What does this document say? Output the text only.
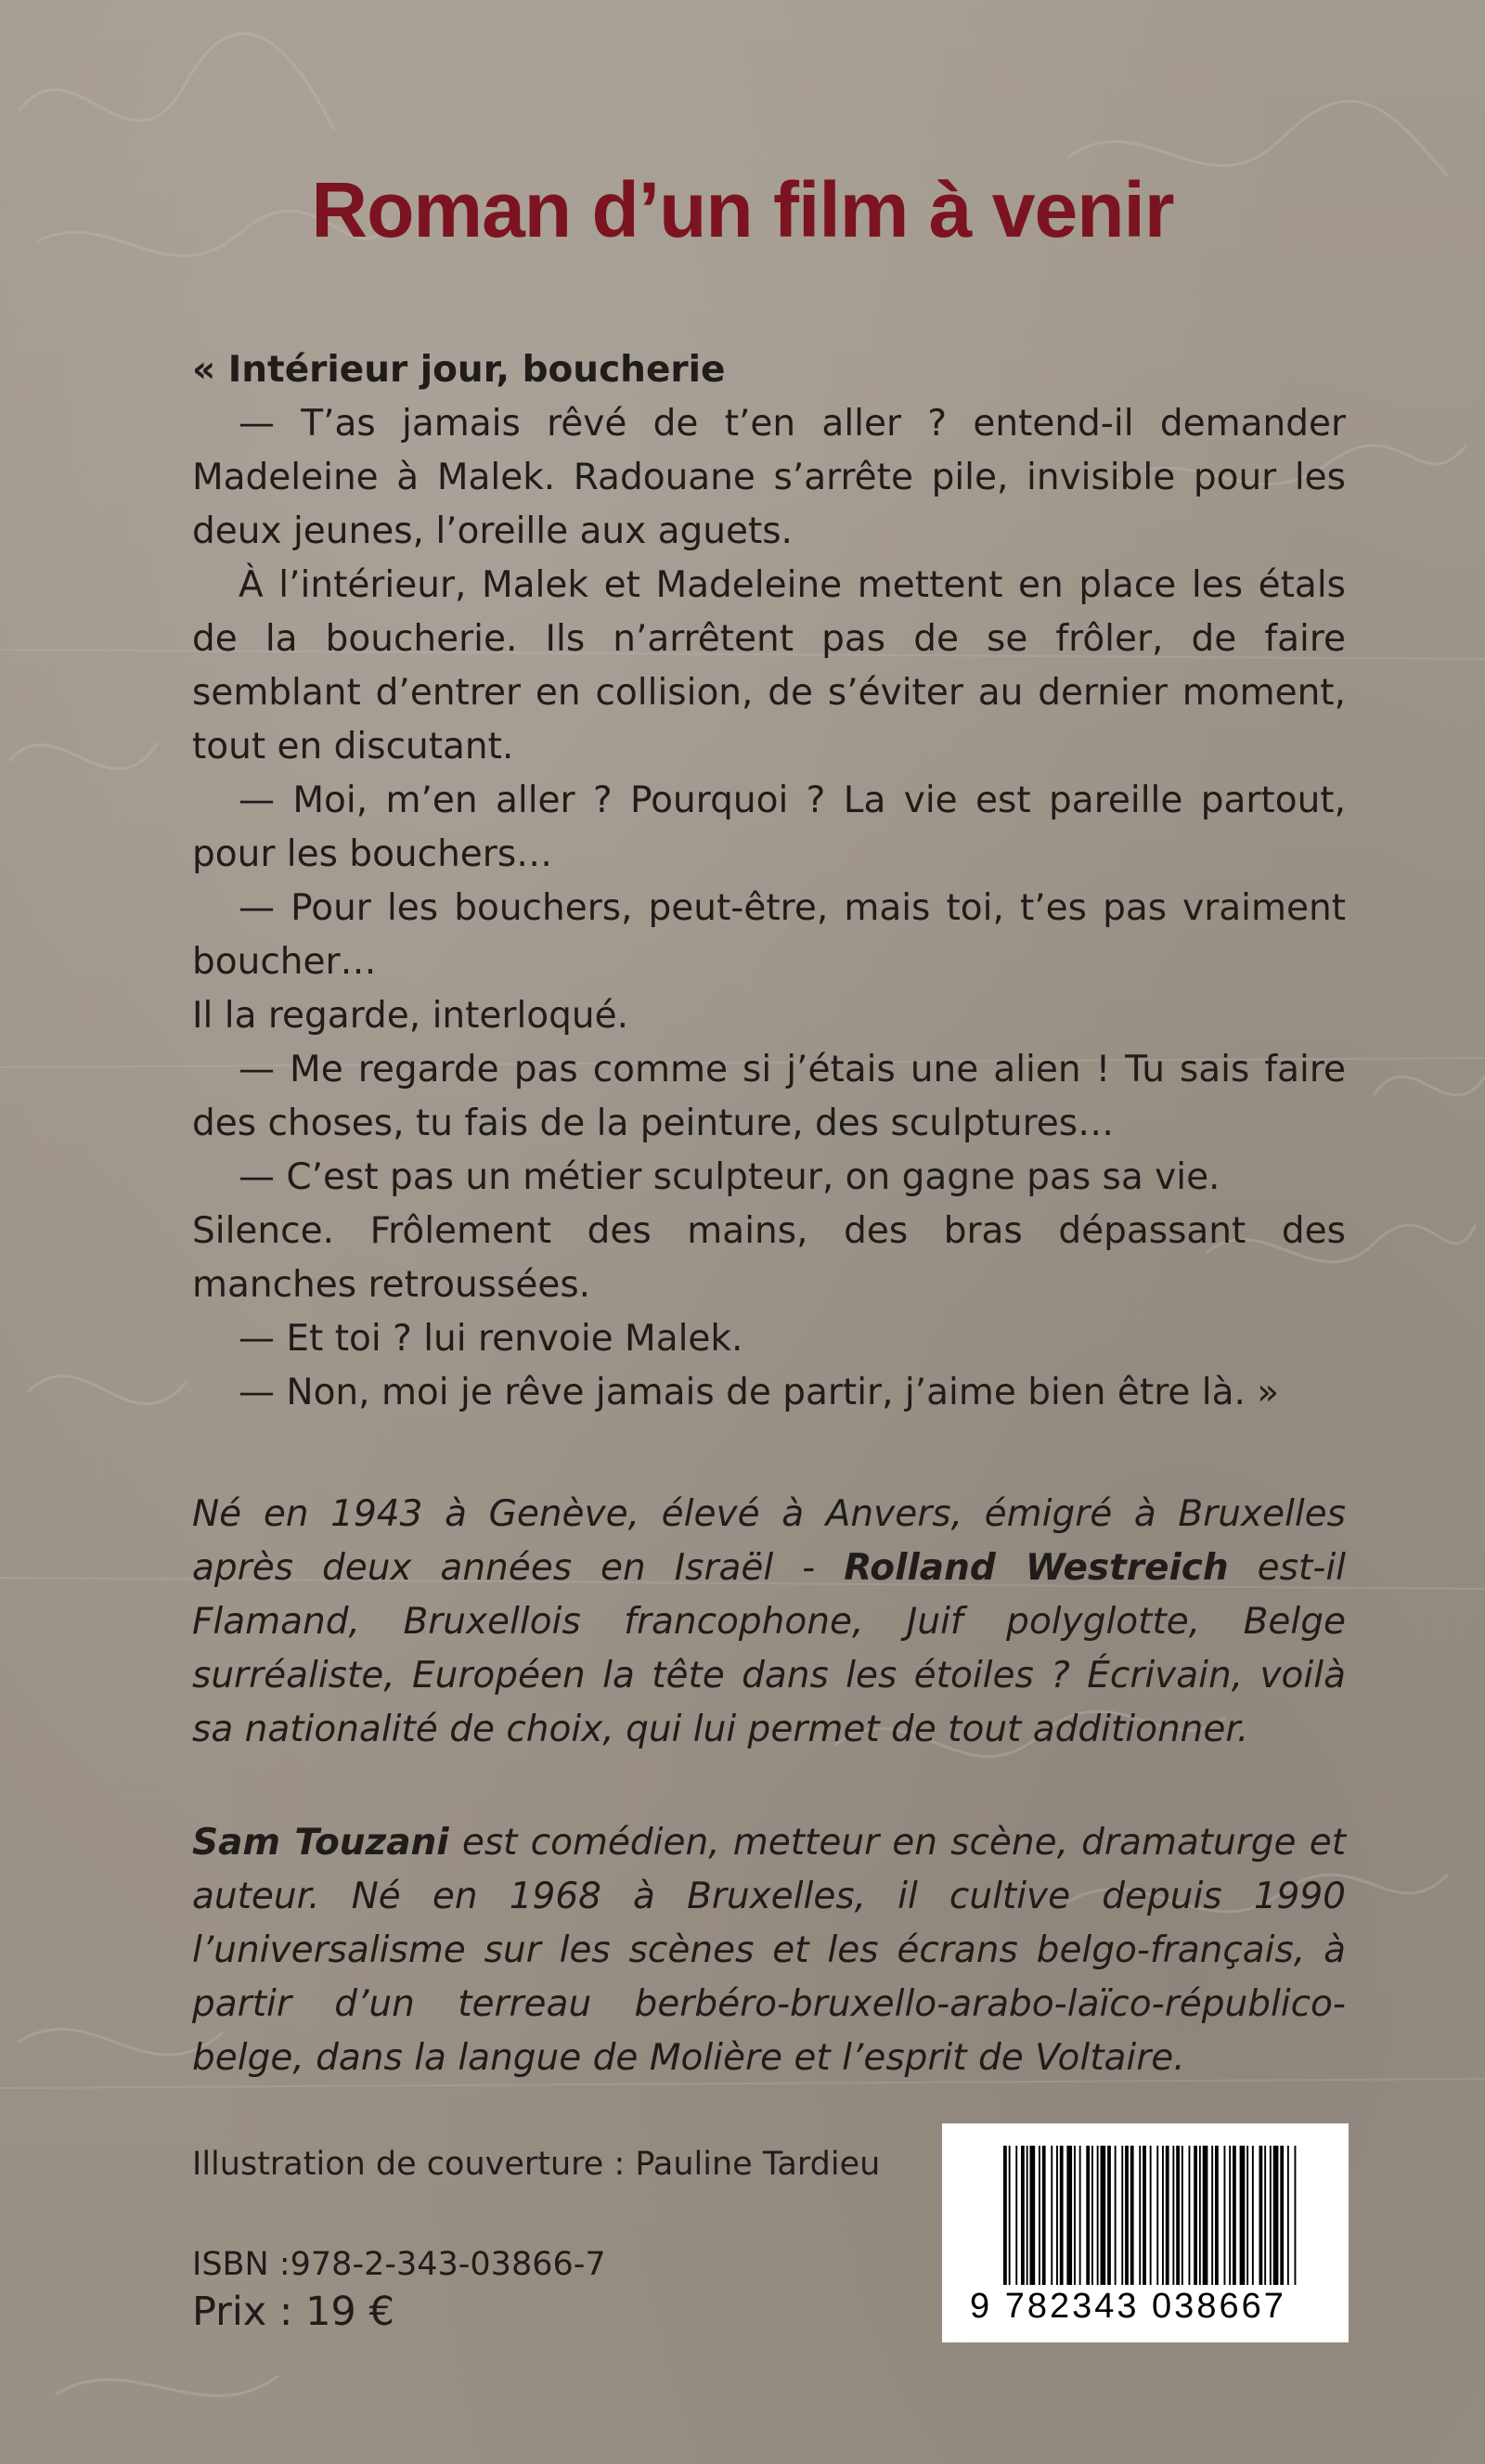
Roman d’un film à venir

« Intérieur jour, boucherie

— T’as jamais rêvé de t’en aller ? entend-il demander Madeleine à Malek. Radouane s’arrête pile, invisible pour les deux jeunes, l’oreille aux aguets.

À l’intérieur, Malek et Madeleine mettent en place les étals de la boucherie. Ils n’arrêtent pas de se frôler, de faire semblant d’entrer en collision, de s’éviter au dernier moment, tout en discutant.

— Moi, m’en aller ? Pourquoi ? La vie est pareille partout, pour les bouchers…

— Pour les bouchers, peut-être, mais toi, t’es pas vraiment boucher…

Il la regarde, interloqué.

— Me regarde pas comme si j’étais une alien ! Tu sais faire des choses, tu fais de la peinture, des sculptures…

— C’est pas un métier sculpteur, on gagne pas sa vie.

Silence. Frôlement des mains, des bras dépassant des manches retroussées.

— Et toi ? lui renvoie Malek.

— Non, moi je rêve jamais de partir, j’aime bien être là. »

Né en 1943 à Genève, élevé à Anvers, émigré à Bruxelles après deux années en Israël - Rolland Westreich est-il Flamand, Bruxellois francophone, Juif polyglotte, Belge surréaliste, Européen la tête dans les étoiles ? Écrivain, voilà sa nationalité de choix, qui lui permet de tout additionner.

Sam Touzani est comédien, metteur en scène, dramaturge et auteur. Né en 1968 à Bruxelles, il cultive depuis 1990 l’universalisme sur les scènes et les écrans belgo-français, à partir d’un terreau berbéro-bruxello-arabo-laïco-républico-belge, dans la langue de Molière et l’esprit de Voltaire.

Illustration de couverture : Pauline Tardieu
ISBN :978-2-343-03866-7
Prix : 19 €	9 782343 038667
